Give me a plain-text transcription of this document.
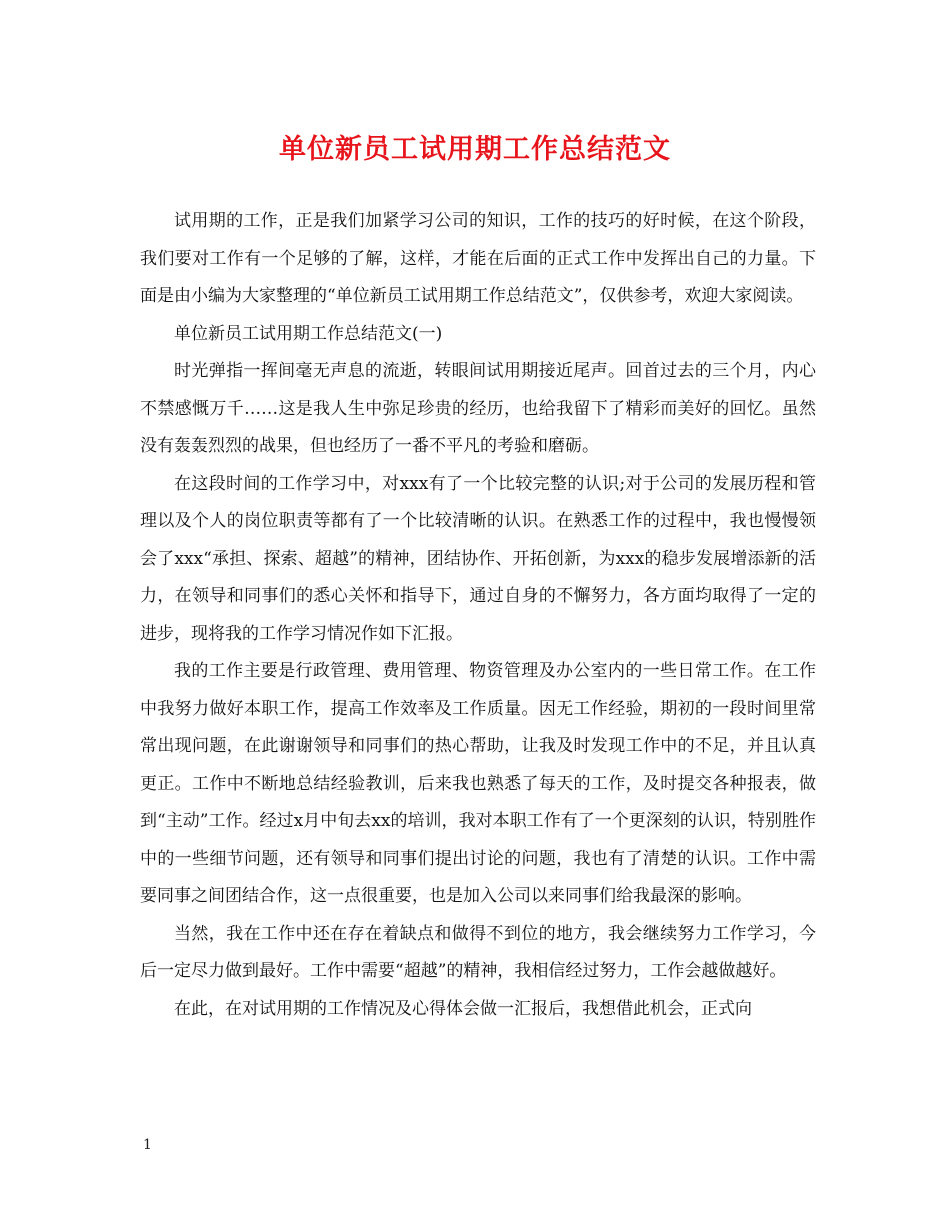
单位新员工试用期工作总结范文

试用期的工作，正是我们加紧学习公司的知识，工作的技巧的好时候，在这个阶段，我们要对工作有一个足够的了解，这样，才能在后面的正式工作中发挥出自己的力量。下面是由小编为大家整理的“单位新员工试用期工作总结范文”，仅供参考，欢迎大家阅读。

单位新员工试用期工作总结范文(一)

时光弹指一挥间毫无声息的流逝，转眼间试用期接近尾声。回首过去的三个月，内心不禁感慨万千……这是我人生中弥足珍贵的经历，也给我留下了精彩而美好的回忆。虽然没有轰轰烈烈的战果，但也经历了一番不平凡的考验和磨砺。

在这段时间的工作学习中，对xxx有了一个比较完整的认识;对于公司的发展历程和管理以及个人的岗位职责等都有了一个比较清晰的认识。在熟悉工作的过程中，我也慢慢领会了xxx“承担、探索、超越”的精神，团结协作、开拓创新，为xxx的稳步发展增添新的活力，在领导和同事们的悉心关怀和指导下，通过自身的不懈努力，各方面均取得了一定的进步，现将我的工作学习情况作如下汇报。

我的工作主要是行政管理、费用管理、物资管理及办公室内的一些日常工作。在工作中我努力做好本职工作，提高工作效率及工作质量。因无工作经验，期初的一段时间里常常出现问题，在此谢谢领导和同事们的热心帮助，让我及时发现工作中的不足，并且认真更正。工作中不断地总结经验教训，后来我也熟悉了每天的工作，及时提交各种报表，做到“主动”工作。经过x月中旬去xx的培训，我对本职工作有了一个更深刻的认识，特别胜作中的一些细节问题，还有领导和同事们提出讨论的问题，我也有了清楚的认识。工作中需要同事之间团结合作，这一点很重要，也是加入公司以来同事们给我最深的影响。

当然，我在工作中还在存在着缺点和做得不到位的地方，我会继续努力工作学习，今后一定尽力做到最好。工作中需要“超越”的精神，我相信经过努力，工作会越做越好。

在此，在对试用期的工作情况及心得体会做一汇报后，我想借此机会，正式向

1
